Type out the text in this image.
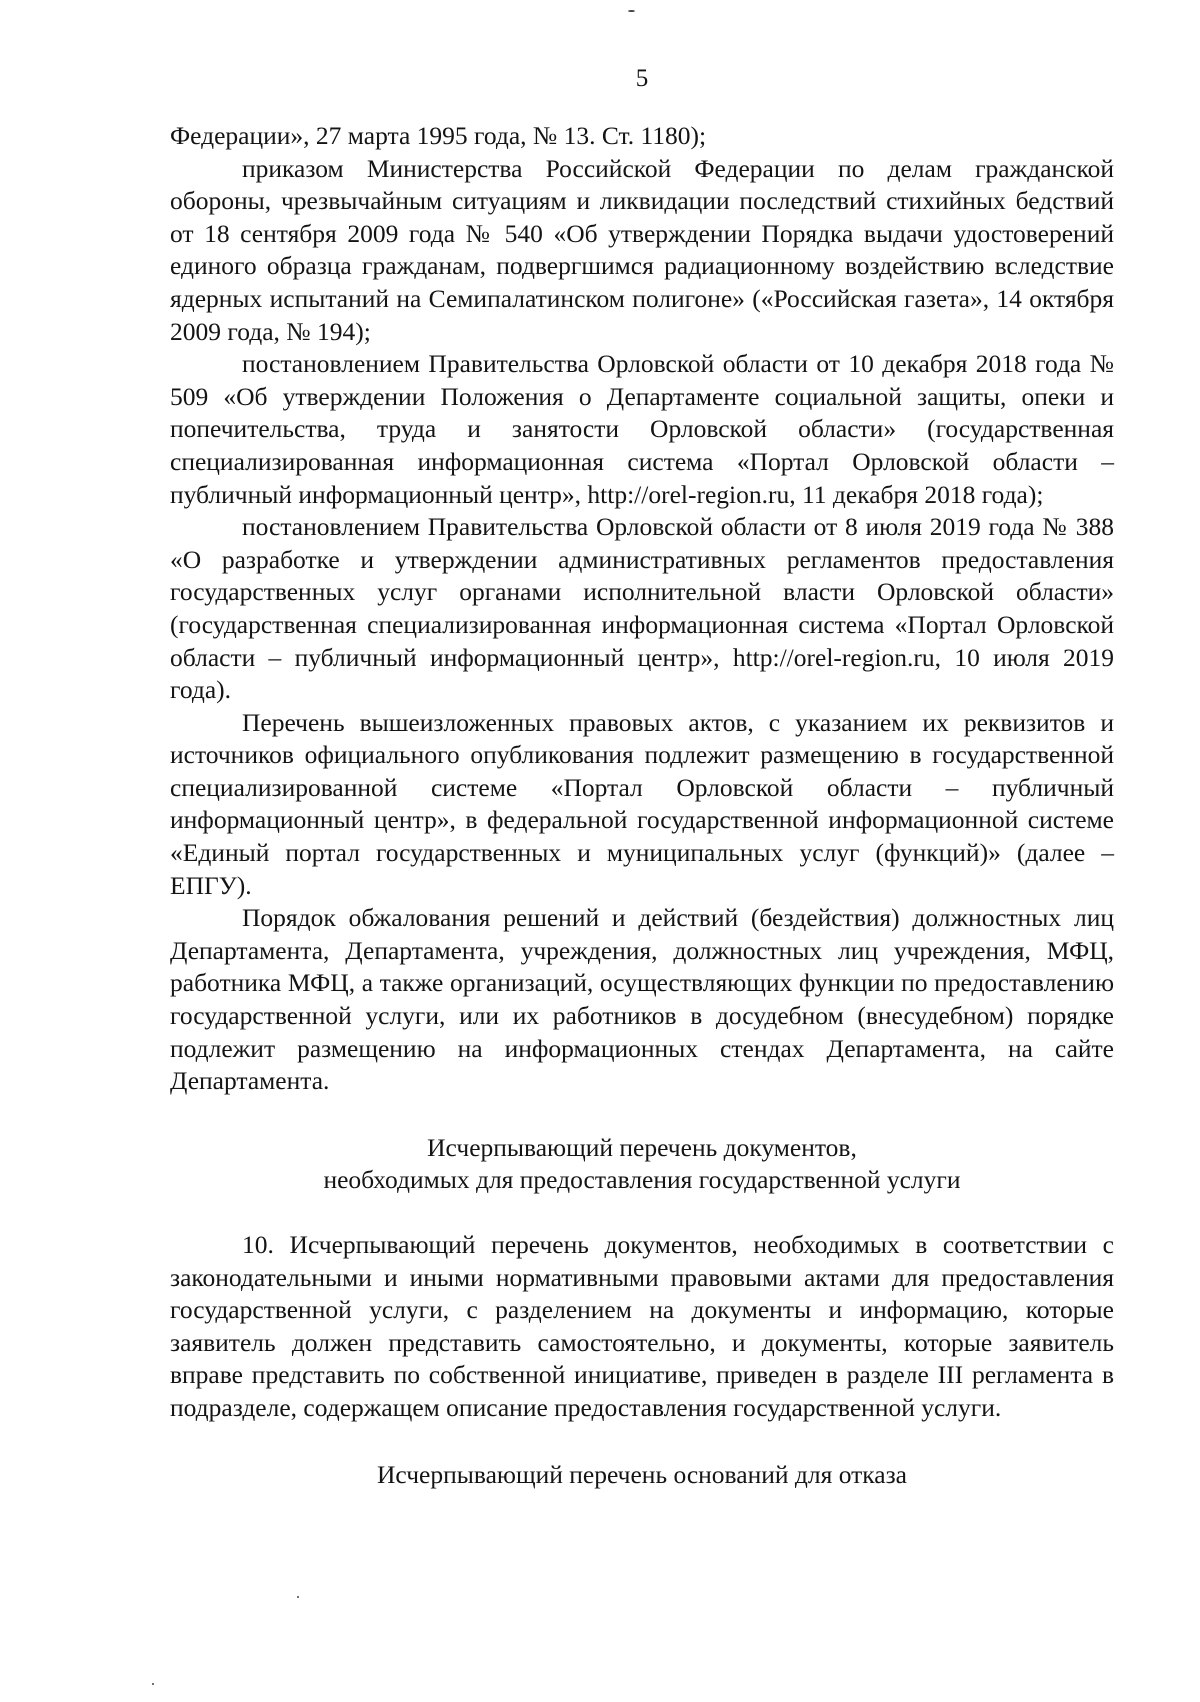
5

Федерации», 27 марта 1995 года, № 13. Ст. 1180);

приказом Министерства Российской Федерации по делам гражданской обороны, чрезвычайным ситуациям и ликвидации последствий стихийных бедствий от 18 сентября 2009 года № 540 «Об утверждении Порядка выдачи удостоверений единого образца гражданам, подвергшимся радиационному воздействию вследствие ядерных испытаний на Семипалатинском полигоне» («Российская газета», 14 октября 2009 года, № 194);

постановлением Правительства Орловской области от 10 декабря 2018 года № 509 «Об утверждении Положения о Департаменте социальной защиты, опеки и попечительства, труда и занятости Орловской области» (государственная специализированная информационная система «Портал Орловской области – публичный информационный центр», http://orel-region.ru, 11 декабря 2018 года);

постановлением Правительства Орловской области от 8 июля 2019 года № 388 «О разработке и утверждении административных регламентов предоставления государственных услуг органами исполнительной власти Орловской области» (государственная специализированная информационная система «Портал Орловской области – публичный информационный центр», http://orel-region.ru, 10 июля 2019 года).

Перечень вышеизложенных правовых актов, с указанием их реквизитов и источников официального опубликования подлежит размещению в государственной специализированной системе «Портал Орловской области – публичный информационный центр», в федеральной государственной информационной системе «Единый портал государственных и муниципальных услуг (функций)» (далее – ЕПГУ).

Порядок обжалования решений и действий (бездействия) должностных лиц Департамента, Департамента, учреждения, должностных лиц учреждения, МФЦ, работника МФЦ, а также организаций, осуществляющих функции по предоставлению государственной услуги, или их работников в досудебном (внесудебном) порядке подлежит размещению на информационных стендах Департамента, на сайте Департамента.

Исчерпывающий перечень документов,

необходимых для предоставления государственной услуги

10. Исчерпывающий перечень документов, необходимых в соответствии с законодательными и иными нормативными правовыми актами для предоставления государственной услуги, с разделением на документы и информацию, которые заявитель должен представить самостоятельно, и документы, которые заявитель вправе представить по собственной инициативе, приведен в разделе III регламента в подразделе, содержащем описание предоставления государственной услуги.

Исчерпывающий перечень оснований для отказа
